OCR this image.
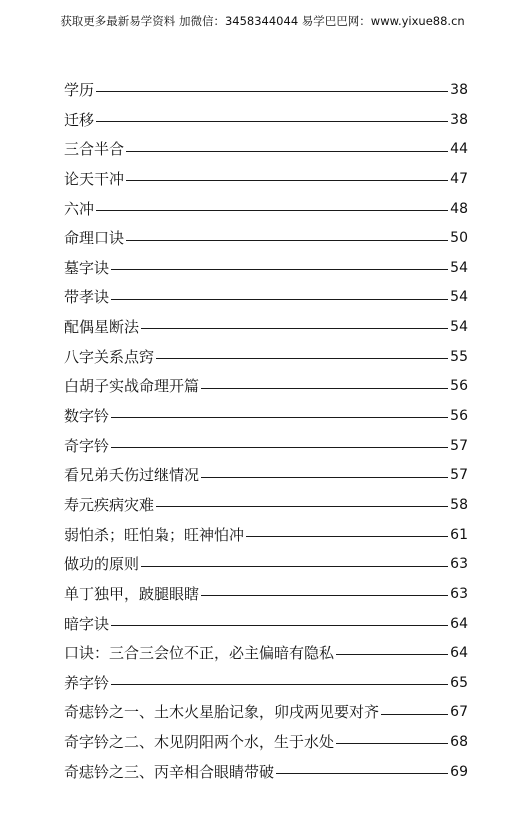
获取更多最新易学资料 加微信：3458344044 易学巴巴网：www.yixue88.cn
学历	38
迁移	38
三合半合	44
论天干冲	47
六冲	48
命理口诀	50
墓字诀	54
带孝诀	54
配偶星断法	54
八字关系点窍	55
白胡子实战命理开篇	56
数字钤	56
奇字钤	57
看兄弟夭伤过继情况	57
寿元疾病灾难	58
弱怕杀；旺怕枭；旺神怕冲	61
做功的原则	63
单丁独甲，跛腿眼瞎	63
暗字诀	64
口诀：三合三会位不正，必主偏暗有隐私	64
养字钤	65
奇痣钤之一、土木火星胎记象，卯戌两见要对齐	67
奇字钤之二、木见阴阳两个水，生于水处	68
奇痣钤之三、丙辛相合眼睛带破	69
